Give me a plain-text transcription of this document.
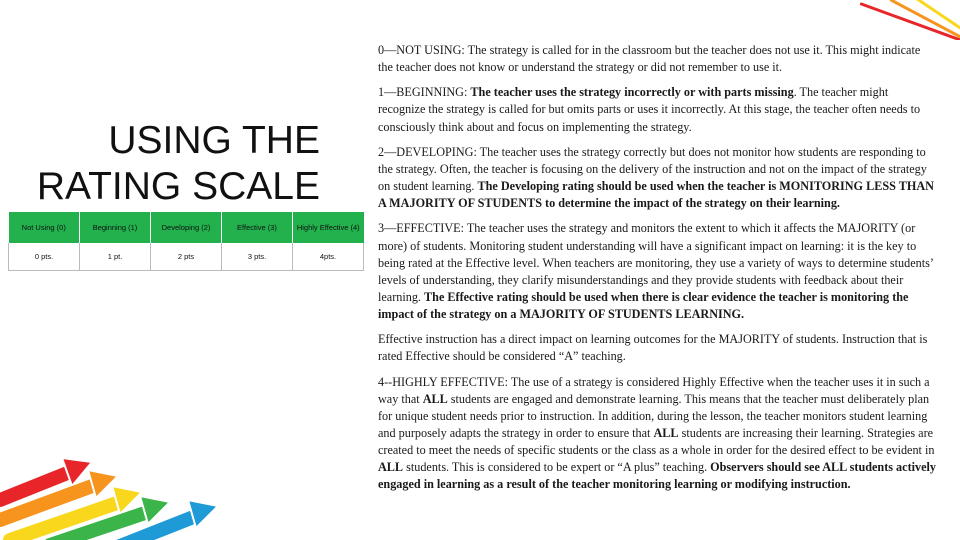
USING THE
RATING SCALE
Not Using (0)	Beginning (1)	Developing (2)	Effective (3)	Highly Effective (4)
0 pts.	1 pt.	2 pts	3 pts.	4pts.

0—NOT USING: The strategy is called for in the classroom but the teacher does not use it. This might indicate the teacher does not know or understand the strategy or did not remember to use it.

1—BEGINNING: The teacher uses the strategy incorrectly or with parts missing. The teacher might recognize the strategy is called for but omits parts or uses it incorrectly. At this stage, the teacher often needs to consciously think about and focus on implementing the strategy.

2—DEVELOPING: The teacher uses the strategy correctly but does not monitor how students are responding to the strategy. Often, the teacher is focusing on the delivery of the instruction and not on the impact of the strategy on student learning. The Developing rating should be used when the teacher is MONITORING LESS THAN A MAJORITY OF STUDENTS to determine the impact of the strategy on their learning.

3—EFFECTIVE: The teacher uses the strategy and monitors the extent to which it affects the MAJORITY (or more) of students. Monitoring student understanding will have a significant impact on learning: it is the key to being rated at the Effective level. When teachers are monitoring, they use a variety of ways to determine students’ levels of understanding, they clarify misunderstandings and they provide students with feedback about their learning. The Effective rating should be used when there is clear evidence the teacher is monitoring the impact of the strategy on a MAJORITY OF STUDENTS LEARNING.

Effective instruction has a direct impact on learning outcomes for the MAJORITY of students. Instruction that is rated Effective should be considered “A” teaching.

4--HIGHLY EFFECTIVE: The use of a strategy is considered Highly Effective when the teacher uses it in such a way that ALL students are engaged and demonstrate learning. This means that the teacher must deliberately plan for unique student needs prior to instruction. In addition, during the lesson, the teacher monitors student learning and purposely adapts the strategy in order to ensure that ALL students are increasing their learning. Strategies are created to meet the needs of specific students or the class as a whole in order for the desired effect to be evident in ALL students. This is considered to be expert or “A plus” teaching. Observers should see ALL students actively engaged in learning as a result of the teacher monitoring learning or modifying instruction.
